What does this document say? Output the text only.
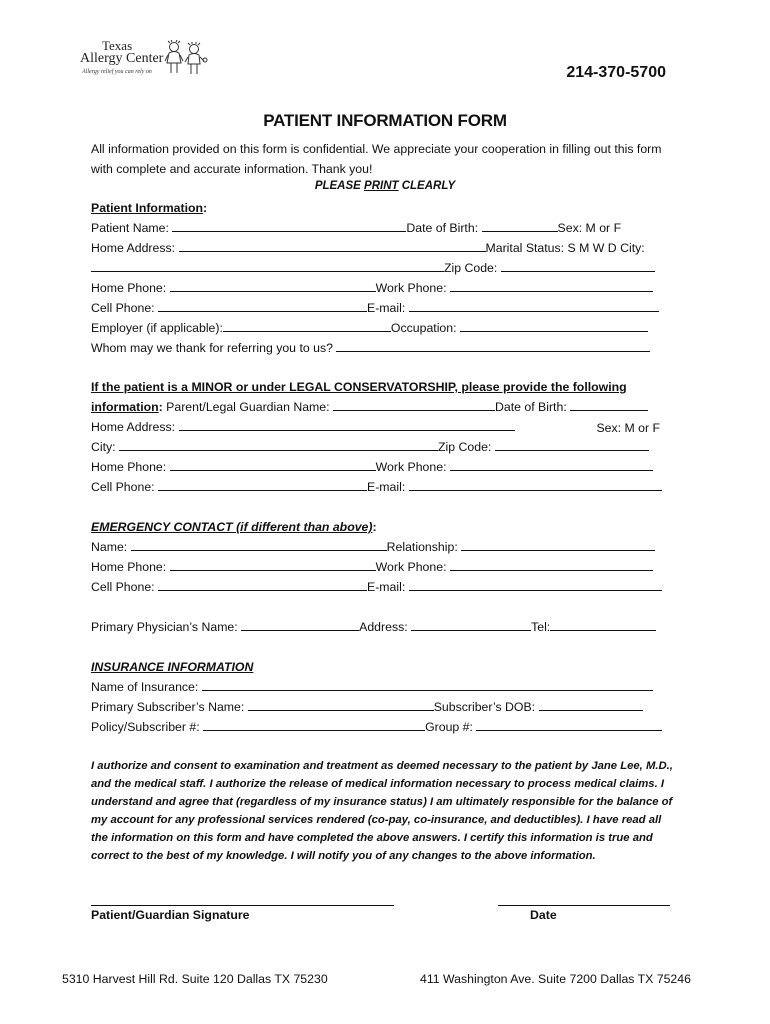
Texas
Allergy Center
Allergy relief you can rely on	214-370-5700
PATIENT INFORMATION FORM
All information provided on this form is confidential. We appreciate your cooperation in filling out this form with complete and accurate information. Thank you!
PLEASE PRINT CLEARLY
Patient Information:
Patient Name:	Date of Birth:	Sex: M or F
Home Address:	Marital Status: S M W D City:
Zip Code:
Home Phone:	Work Phone:
Cell Phone:	E-mail:
Employer (if applicable):	Occupation:
Whom may we thank for referring you to us?
If the patient is a MINOR or under LEGAL CONSERVATORSHIP, please provide the following
information: Parent/Legal Guardian Name:	Date of Birth:
Home Address:	Sex: M or F
City:	Zip Code:
Home Phone:	Work Phone:
Cell Phone:	E-mail:
EMERGENCY CONTACT (if different than above):
Name:	Relationship:
Home Phone:	Work Phone:
Cell Phone:	E-mail:
Primary Physician’s Name:	Address:	Tel:
INSURANCE INFORMATION
Name of Insurance:
Primary Subscriber’s Name:	Subscriber’s DOB:
Policy/Subscriber #:	Group #:
I authorize and consent to examination and treatment as deemed necessary to the patient by Jane Lee, M.D., and the medical staff. I authorize the release of medical information necessary to process medical claims. I understand and agree that (regardless of my insurance status) I am ultimately responsible for the balance of my account for any professional services rendered (co-pay, co-insurance, and deductibles). I have read all the information on this form and have completed the above answers. I certify this information is true and correct to the best of my knowledge. I will notify you of any changes to the above information.
Patient/Guardian Signature	Date
5310 Harvest Hill Rd. Suite 120 Dallas TX 75230	411 Washington Ave. Suite 7200 Dallas TX 75246
